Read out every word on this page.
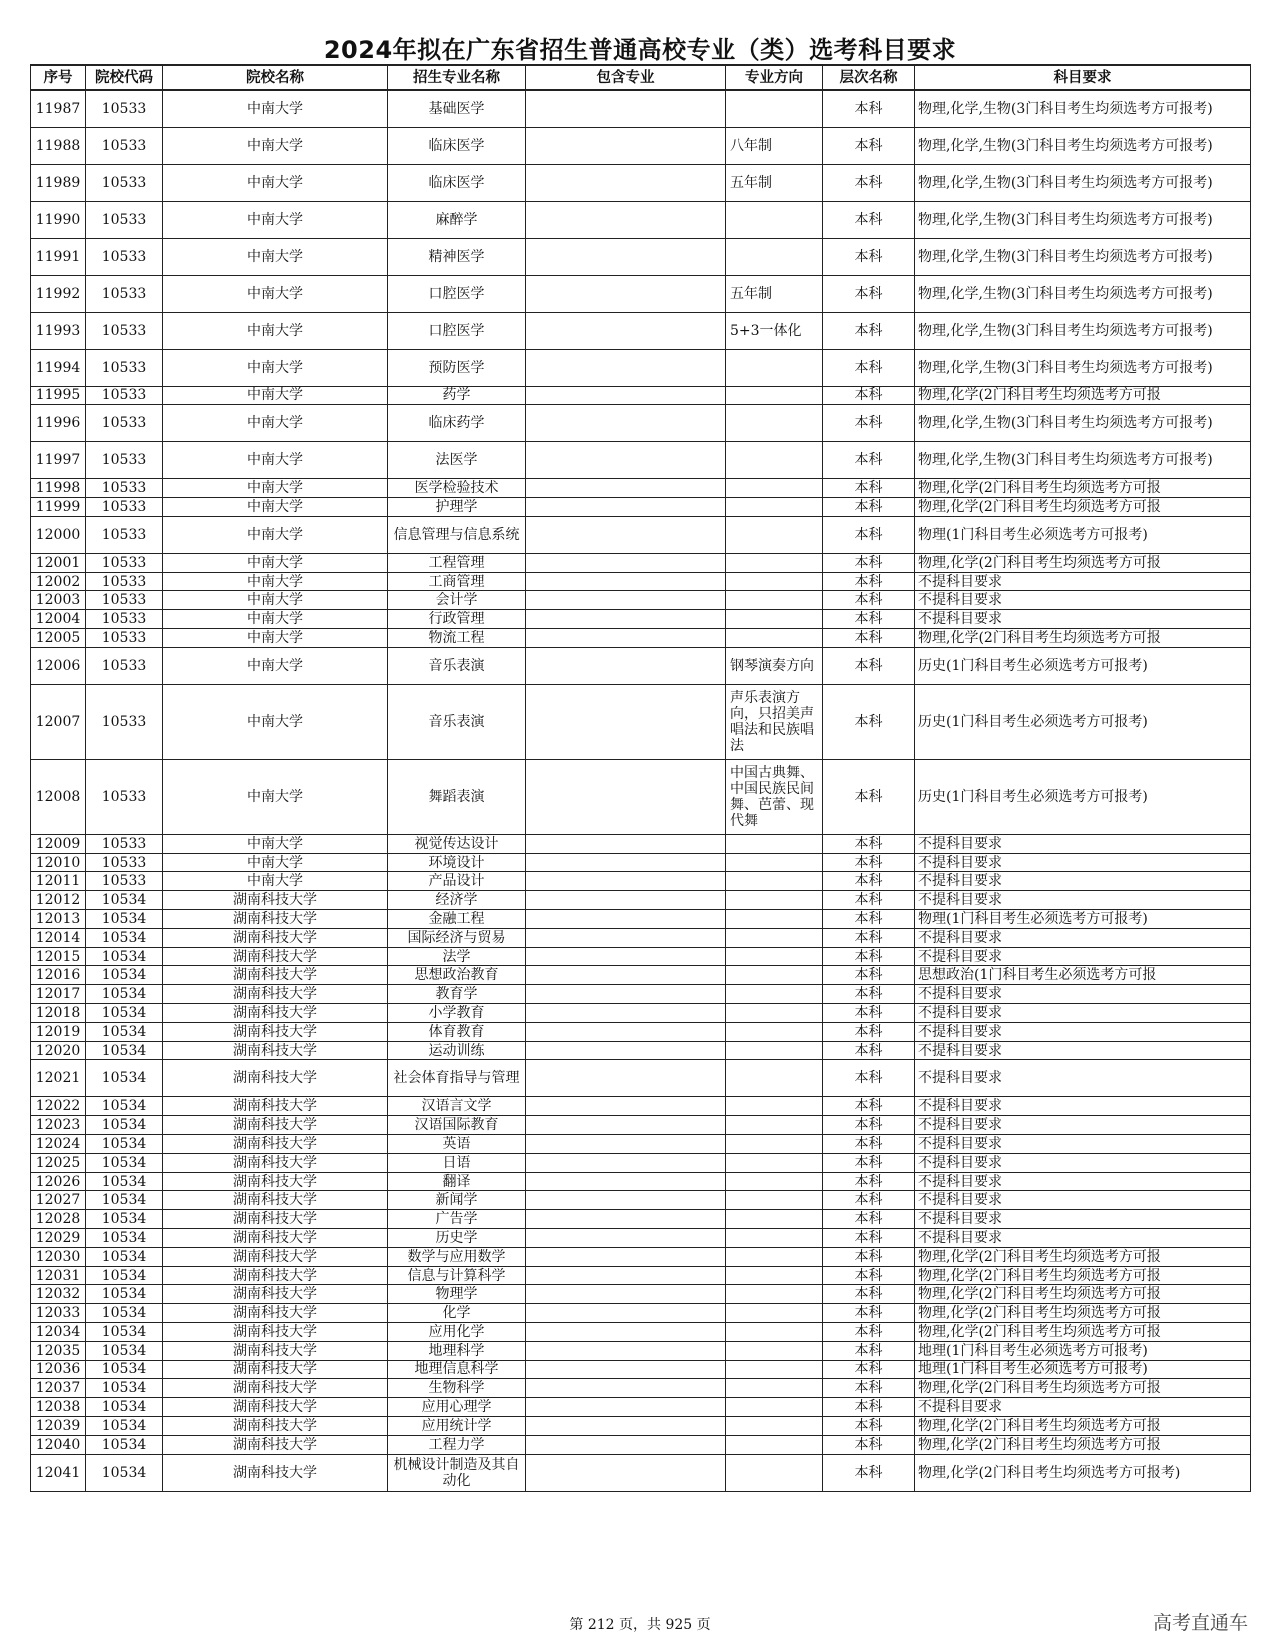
2024年拟在广东省招生普通高校专业（类）选考科目要求
序号	院校代码	院校名称	招生专业名称	包含专业	专业方向	层次名称	科目要求
11987	10533	中南大学	基础医学			本科	物理,化学,生物(3门科目考生均须选考方可报考)
11988	10533	中南大学	临床医学		八年制	本科	物理,化学,生物(3门科目考生均须选考方可报考)
11989	10533	中南大学	临床医学		五年制	本科	物理,化学,生物(3门科目考生均须选考方可报考)
11990	10533	中南大学	麻醉学			本科	物理,化学,生物(3门科目考生均须选考方可报考)
11991	10533	中南大学	精神医学			本科	物理,化学,生物(3门科目考生均须选考方可报考)
11992	10533	中南大学	口腔医学		五年制	本科	物理,化学,生物(3门科目考生均须选考方可报考)
11993	10533	中南大学	口腔医学		5+3一体化	本科	物理,化学,生物(3门科目考生均须选考方可报考)
11994	10533	中南大学	预防医学			本科	物理,化学,生物(3门科目考生均须选考方可报考)
11995	10533	中南大学	药学			本科	物理,化学(2门科目考生均须选考方可报
11996	10533	中南大学	临床药学			本科	物理,化学,生物(3门科目考生均须选考方可报考)
11997	10533	中南大学	法医学			本科	物理,化学,生物(3门科目考生均须选考方可报考)
11998	10533	中南大学	医学检验技术			本科	物理,化学(2门科目考生均须选考方可报
11999	10533	中南大学	护理学			本科	物理,化学(2门科目考生均须选考方可报
12000	10533	中南大学	信息管理与信息系统			本科	物理(1门科目考生必须选考方可报考)
12001	10533	中南大学	工程管理			本科	物理,化学(2门科目考生均须选考方可报
12002	10533	中南大学	工商管理			本科	不提科目要求
12003	10533	中南大学	会计学			本科	不提科目要求
12004	10533	中南大学	行政管理			本科	不提科目要求
12005	10533	中南大学	物流工程			本科	物理,化学(2门科目考生均须选考方可报
12006	10533	中南大学	音乐表演		钢琴演奏方向	本科	历史(1门科目考生必须选考方可报考)
12007	10533	中南大学	音乐表演		声乐表演方向，只招美声唱法和民族唱法	本科	历史(1门科目考生必须选考方可报考)
12008	10533	中南大学	舞蹈表演		中国古典舞、中国民族民间舞、芭蕾、现代舞	本科	历史(1门科目考生必须选考方可报考)
12009	10533	中南大学	视觉传达设计			本科	不提科目要求
12010	10533	中南大学	环境设计			本科	不提科目要求
12011	10533	中南大学	产品设计			本科	不提科目要求
12012	10534	湖南科技大学	经济学			本科	不提科目要求
12013	10534	湖南科技大学	金融工程			本科	物理(1门科目考生必须选考方可报考)
12014	10534	湖南科技大学	国际经济与贸易			本科	不提科目要求
12015	10534	湖南科技大学	法学			本科	不提科目要求
12016	10534	湖南科技大学	思想政治教育			本科	思想政治(1门科目考生必须选考方可报
12017	10534	湖南科技大学	教育学			本科	不提科目要求
12018	10534	湖南科技大学	小学教育			本科	不提科目要求
12019	10534	湖南科技大学	体育教育			本科	不提科目要求
12020	10534	湖南科技大学	运动训练			本科	不提科目要求
12021	10534	湖南科技大学	社会体育指导与管理			本科	不提科目要求
12022	10534	湖南科技大学	汉语言文学			本科	不提科目要求
12023	10534	湖南科技大学	汉语国际教育			本科	不提科目要求
12024	10534	湖南科技大学	英语			本科	不提科目要求
12025	10534	湖南科技大学	日语			本科	不提科目要求
12026	10534	湖南科技大学	翻译			本科	不提科目要求
12027	10534	湖南科技大学	新闻学			本科	不提科目要求
12028	10534	湖南科技大学	广告学			本科	不提科目要求
12029	10534	湖南科技大学	历史学			本科	不提科目要求
12030	10534	湖南科技大学	数学与应用数学			本科	物理,化学(2门科目考生均须选考方可报
12031	10534	湖南科技大学	信息与计算科学			本科	物理,化学(2门科目考生均须选考方可报
12032	10534	湖南科技大学	物理学			本科	物理,化学(2门科目考生均须选考方可报
12033	10534	湖南科技大学	化学			本科	物理,化学(2门科目考生均须选考方可报
12034	10534	湖南科技大学	应用化学			本科	物理,化学(2门科目考生均须选考方可报
12035	10534	湖南科技大学	地理科学			本科	地理(1门科目考生必须选考方可报考)
12036	10534	湖南科技大学	地理信息科学			本科	地理(1门科目考生必须选考方可报考)
12037	10534	湖南科技大学	生物科学			本科	物理,化学(2门科目考生均须选考方可报
12038	10534	湖南科技大学	应用心理学			本科	不提科目要求
12039	10534	湖南科技大学	应用统计学			本科	物理,化学(2门科目考生均须选考方可报
12040	10534	湖南科技大学	工程力学			本科	物理,化学(2门科目考生均须选考方可报
12041	10534	湖南科技大学	机械设计制造及其自动化			本科	物理,化学(2门科目考生均须选考方可报考)
第 212 页，共 925 页	高考直通车
